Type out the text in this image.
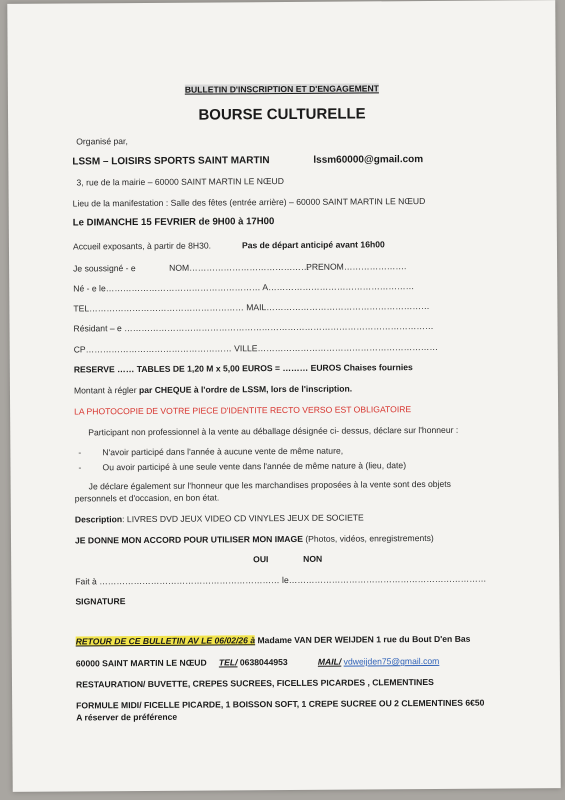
BULLETIN D'INSCRIPTION ET D'ENGAGEMENT
BOURSE CULTURELLE
Organisé par,
LSSM – LOISIRS SPORTS SAINT MARTIN	lssm60000@gmail.com
3, rue de la mairie – 60000 SAINT MARTIN LE NŒUD
Lieu de la manifestation : Salle des fêtes (entrée arrière) – 60000 SAINT MARTIN LE NŒUD
Le DIMANCHE 15 FEVRIER de 9H00 à 17H00
Accueil exposants, à partir de 8H30.	Pas de départ anticipé avant 16h00
Je soussigné - e	NOM……………………………………
PRENOM………………….
Né - e le……………………………………………… A……………………………………………
TEL……………………………………………… MAIL…………………………………………………
Résidant – e ………………………………………………………………………………………………
CP…………………………………………… VILLE………………………………………………………
RESERVE …… TABLES DE 1,20 M x 5,00 EUROS = ……… EUROS Chaises fournies
Montant à régler par CHEQUE à l'ordre de LSSM, lors de l'inscription.
LA PHOTOCOPIE DE VOTRE PIECE D'IDENTITE RECTO VERSO EST OBLIGATOIRE
Participant non professionnel à la vente au déballage désignée ci- dessus, déclare sur l'honneur :
- N'avoir participé dans l'année à aucune vente de même nature,
- Ou avoir participé à une seule vente dans l'année de même nature à (lieu, date)
Je déclare également sur l'honneur que les marchandises proposées à la vente sont des objets
personnels et d'occasion, en bon état.
Description: LIVRES DVD JEUX VIDEO CD VINYLES JEUX DE SOCIETE
JE DONNE MON ACCORD POUR UTILISER MON IMAGE (Photos, vidéos, enregistrements)
OUI	NON
Fait à ……………………………………………………… le……………………………………………………………
SIGNATURE
RETOUR DE CE BULLETIN AV LE 06/02/26 à Madame VAN DER WEIJDEN 1 rue du Bout D'en Bas
60000 SAINT MARTIN LE NŒUD TEL/ 0638044953	MAIL/ vdweijden75@gmail.com
RESTAURATION/ BUVETTE, CREPES SUCREES, FICELLES PICARDES , CLEMENTINES
FORMULE MIDI/ FICELLE PICARDE, 1 BOISSON SOFT, 1 CREPE SUCREE OU 2 CLEMENTINES 6€50
A réserver de préférence
